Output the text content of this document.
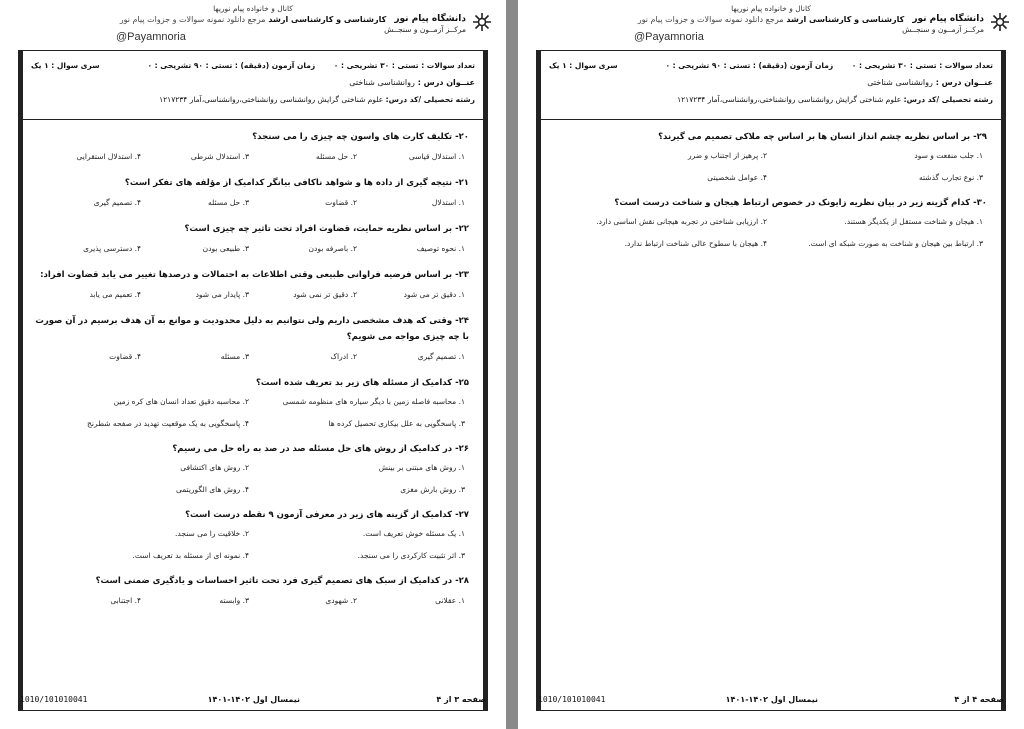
دانشگاه پیام نور
مرکــز آزمــون و سنجــش
کانال و خانواده پیام نوریها
کارشناسی و کارشناسی ارشد مرجع دانلود نمونه سوالات و جزوات پیام نور
@Payamnoria
تعداد سوالات : تستی : ۳۰ تشریحی : ۰
زمان آزمون (دقیقه) : تستی : ۹۰ تشریحی : ۰
سری سوال : ۱ یک
عنــوان درس : روانشناسی شناختی
رشته تحصیلی /کد درس: علوم شناختی گرایش روانشناسی روانشناختی،روانشناسی،آمار ۱۲۱۷۲۳۴
۲۰- تکلیف کارت های واسون چه چیزی را می سنجد؟
۱. استدلال قیاسی
۲. حل مسئله
۳. استدلال شرطی
۴. استدلال استقرایی
۲۱- نتیجه گیری از داده ها و شواهد ناکافی بیانگر کدامیک از مؤلفه های تفکر است؟
۱. استدلال
۲. قضاوت
۳. حل مسئله
۴. تصمیم گیری
۲۲- بر اساس نظریه حمایت، قضاوت افراد تحت تاثیر چه چیزی است؟
۱. نحوه توصیف
۲. باصرفه بودن
۳. طبیعی بودن
۴. دسترسی پذیری
۲۳- بر اساس فرضیه فراوانی طبیعی وقتی اطلاعات به احتمالات و درصدها تغییر می یابد قضاوت افراد:
۱. دقیق تر می شود
۲. دقیق تر نمی شود
۳. پایدار می شود
۴. تعمیم می یابد
۲۴- وقتی که هدف مشخصی داریم ولی نتوانیم به دلیل محدودیت و موانع به آن هدف برسیم در آن صورت با چه چیزی مواجه می شویم؟
۱. تصمیم گیری
۲. ادراک
۳. مسئله
۴. قضاوت
۲۵- کدامیک از مسئله های زیر بد تعریف شده است؟
۱. محاسبه فاصله زمین با دیگر سیاره های منظومه شمسی
۲. محاسبه دقیق تعداد انسان های کره زمین
۳. پاسخگویی به علل بیکاری تحصیل کرده ها
۴. پاسخگویی به یک موقعیت تهدید در صفحه شطرنج
۲۶- در کدامیک از روش های حل مسئله صد در صد به راه حل می رسیم؟
۱. روش های مبتنی بر بینش
۲. روش های اکتشافی
۳. روش بارش مغزی
۴. روش های الگوریتمی
۲۷- کدامیک از گزینه های زیر در معرفی آزمون ۹ نقطه درست است؟
۱. یک مسئله خوش تعریف است.
۲. خلاقیت را می سنجد.
۳. اثر تثبیت کارکردی را می سنجد.
۴. نمونه ای از مسئله بد تعریف است.
۲۸- در کدامیک از سبک های تصمیم گیری فرد تحت تاثیر احساسات و یادگیری ضمنی است؟
۱. عقلانی
۲. شهودی
۳. وابسته
۴. اجتنابی
صفحه ۳ از ۴
نیمسال اول ۱۴۰۲-۱۴۰۱
1010/101010041
دانشگاه پیام نور
مرکــز آزمــون و سنجــش
کانال و خانواده پیام نوریها
کارشناسی و کارشناسی ارشد مرجع دانلود نمونه سوالات و جزوات پیام نور
@Payamnoria
تعداد سوالات : تستی : ۳۰ تشریحی : ۰
زمان آزمون (دقیقه) : تستی : ۹۰ تشریحی : ۰
سری سوال : ۱ یک
عنــوان درس : روانشناسی شناختی
رشته تحصیلی /کد درس: علوم شناختی گرایش روانشناسی روانشناختی،روانشناسی،آمار ۱۲۱۷۲۳۴
۲۹- بر اساس نظریه چشم انداز انسان ها بر اساس چه ملاکی تصمیم می گیرند؟
۱. جلب منفعت و سود
۲. پرهیز از اجتناب و ضرر
۳. نوع تجارب گذشته
۴. عوامل شخصیتی
۳۰- کدام گزینه زیر در بیان نظریه زایونک در خصوص ارتباط هیجان و شناخت درست است؟
۱. هیجان و شناخت مستقل از یکدیگر هستند.
۲. ارزیابی شناختی در تجربه هیجانی نقش اساسی دارد.
۳. ارتباط بین هیجان و شناخت به صورت شبکه ای است.
۴. هیجان با سطوح عالی شناخت ارتباط ندارد.
صفحه ۴ از ۴
نیمسال اول ۱۴۰۲-۱۴۰۱
1010/101010041
